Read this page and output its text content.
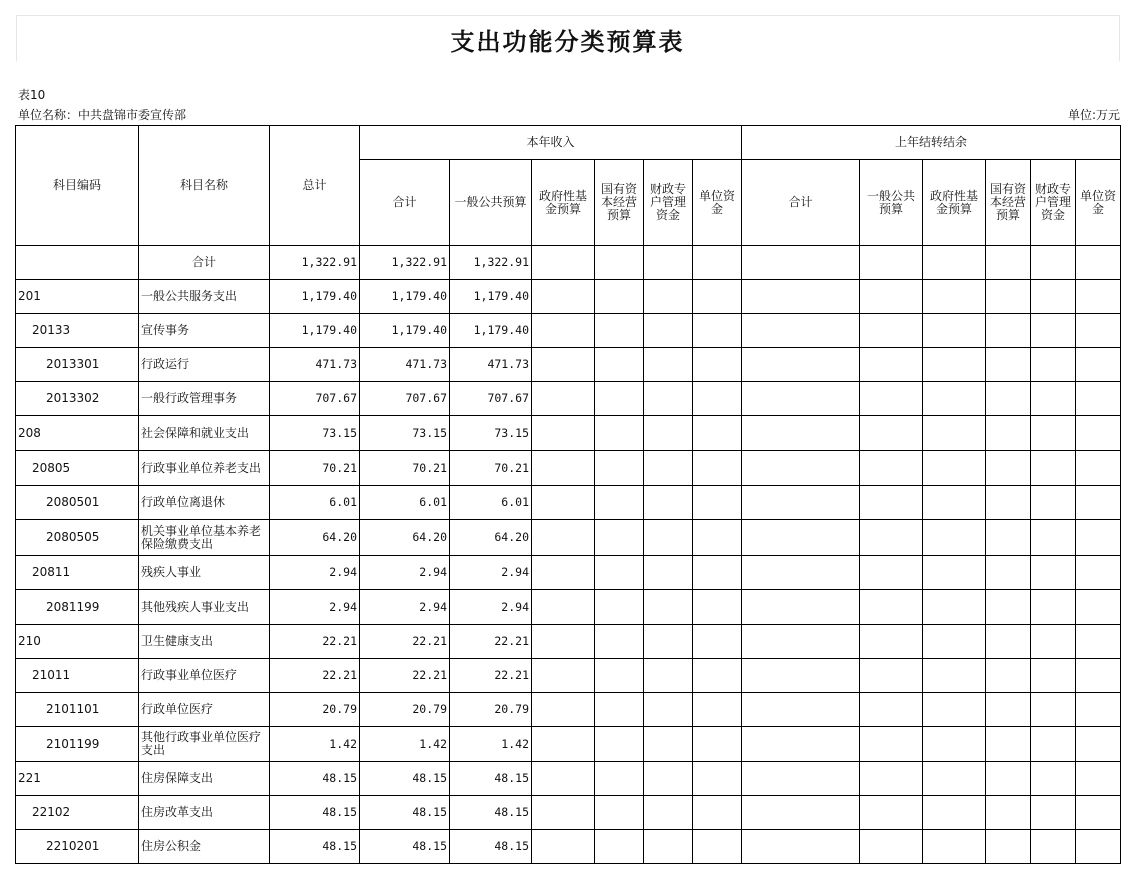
支出功能分类预算表
表10
单位名称：中共盘锦市委宣传部	单位:万元
科目编码	科目名称	总计	本年收入						上年结转结余					
			合计	一般公共预算	政府性基金预算	国有资本经营预算	财政专户管理资金	单位资金	合计	一般公共预算	政府性基金预算	国有资本经营预算	财政专户管理资金	单位资金
	合计	1,322.91	1,322.91	1,322.91										
201	一般公共服务支出	1,179.40	1,179.40	1,179.40										
20133	宣传事务	1,179.40	1,179.40	1,179.40										
2013301	行政运行	471.73	471.73	471.73										
2013302	一般行政管理事务	707.67	707.67	707.67										
208	社会保障和就业支出	73.15	73.15	73.15										
20805	行政事业单位养老支出	70.21	70.21	70.21										
2080501	行政单位离退休	6.01	6.01	6.01										
2080505	机关事业单位基本养老保险缴费支出	64.20	64.20	64.20										
20811	残疾人事业	2.94	2.94	2.94										
2081199	其他残疾人事业支出	2.94	2.94	2.94										
210	卫生健康支出	22.21	22.21	22.21										
21011	行政事业单位医疗	22.21	22.21	22.21										
2101101	行政单位医疗	20.79	20.79	20.79										
2101199	其他行政事业单位医疗支出	1.42	1.42	1.42										
221	住房保障支出	48.15	48.15	48.15										
22102	住房改革支出	48.15	48.15	48.15										
2210201	住房公积金	48.15	48.15	48.15										
